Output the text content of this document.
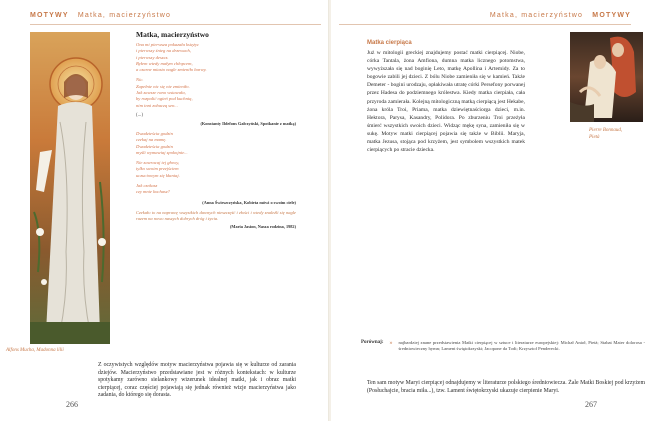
MOTYWY Matka, macierzyństwo
Alfons Mucha, Madonna lilii
Matka, macierzyństwo
Ona mi pierwsza pokazała księżyc
i pierwszy śnieg na drzewach,
i pierwszy deszcz.
Byłem wtedy małym chłopcem,
a czarne miasto nagle zmieniło barwy.
Nic.
Zupełnie nic się nie zmieniło.
Jak zawsze rano wstawała,
by rozpalić ogień pod kuchnią,
nim inni zobaczą sen...
(...)
(Konstanty Ildefons Gałczyński, Spotkanie z matką)
Dwadzieścia godzin
czekaj na mamę.
Dwadzieścia godzin
myśli wymawiaj spokojnie...
Nie zawracaj tej głowy,
tylko swoim przejściem
uczuciowym się kłaniaj.
Jak czekasz
czy mnie kochasz?
(Anna Świrszczyńska, Kobieta mówi o swoim ciele)
Czekało to na naprawę wszystkich dawnych nieszczęść i złości i wtedy znaleźli się nagle razem na nowo naszych dobrych dróg i życia.
(Maria Jasion, Nasza rodzina, 1982)
Z oczywistych względów motyw macierzyństwa pojawia się w kulturze od zarania dziejów. Macierzyństwo przedstawiane jest w różnych kontekstach: w kulturze spotykamy zarówno sielankowy wizerunek idealnej matki, jak i obraz matki cierpiącej, coraz częściej pojawiają się jednak również wizje macierzyństwa jako zadania, do którego się dorasta.
266
Matka, macierzyństwo MOTYWY
Matka cierpiąca

Już w mitologii greckiej znajdujemy postać matki cierpiącej. Niobe, córka Tantala, żona Amfiona, dumna matka licznego potomstwa, wywyższała się nad boginię Leto, matkę Apollina i Artemidy. Za to bogowie zabili jej dzieci. Z bólu Niobe zamieniła się w kamień. Także Demeter - bogini urodzaju, opłakiwała utratę córki Persefony porwanej przez Hadesa do podziemnego królestwa. Kiedy matka cierpiała, cała przyroda zamierała. Kolejną mitologiczną matką cierpiącą jest Hekabe, żona króla Troi, Priama, matka dziewiętnaściorga dzieci, m.in. Hektora, Parysa, Kasandry, Polidora. Po zburzeniu Troi przeżyła śmierć wszystkich swoich dzieci. Widząc mękę syna, zamieniła się w sukę. Motyw matki cierpiącej pojawia się także w Biblii. Maryja, matka Jezusa, stojąca pod krzyżem, jest symbolem wszystkich matek cierpiących po stracie dziecka.

Pierre Bonnaud, Pietà
Porównaj: » najbardziej znane przedstawienia Matki cierpiącej w sztuce i literaturze europejskiej: Michał Anioł, Pietà; Stabat Mater dolorosa - średniowieczny hymn; Lament świętokrzyski; Jacopone da Todi; Krzysztof Penderecki.
Ten sam motyw Maryi cierpiącej odnajdujemy w literaturze polskiego średniowiecza. Żale Matki Boskiej pod krzyżem (Posłuchajcie, bracia miła...), tzw. Lament świętokrzyski ukazuje cierpienie Maryi.
267
